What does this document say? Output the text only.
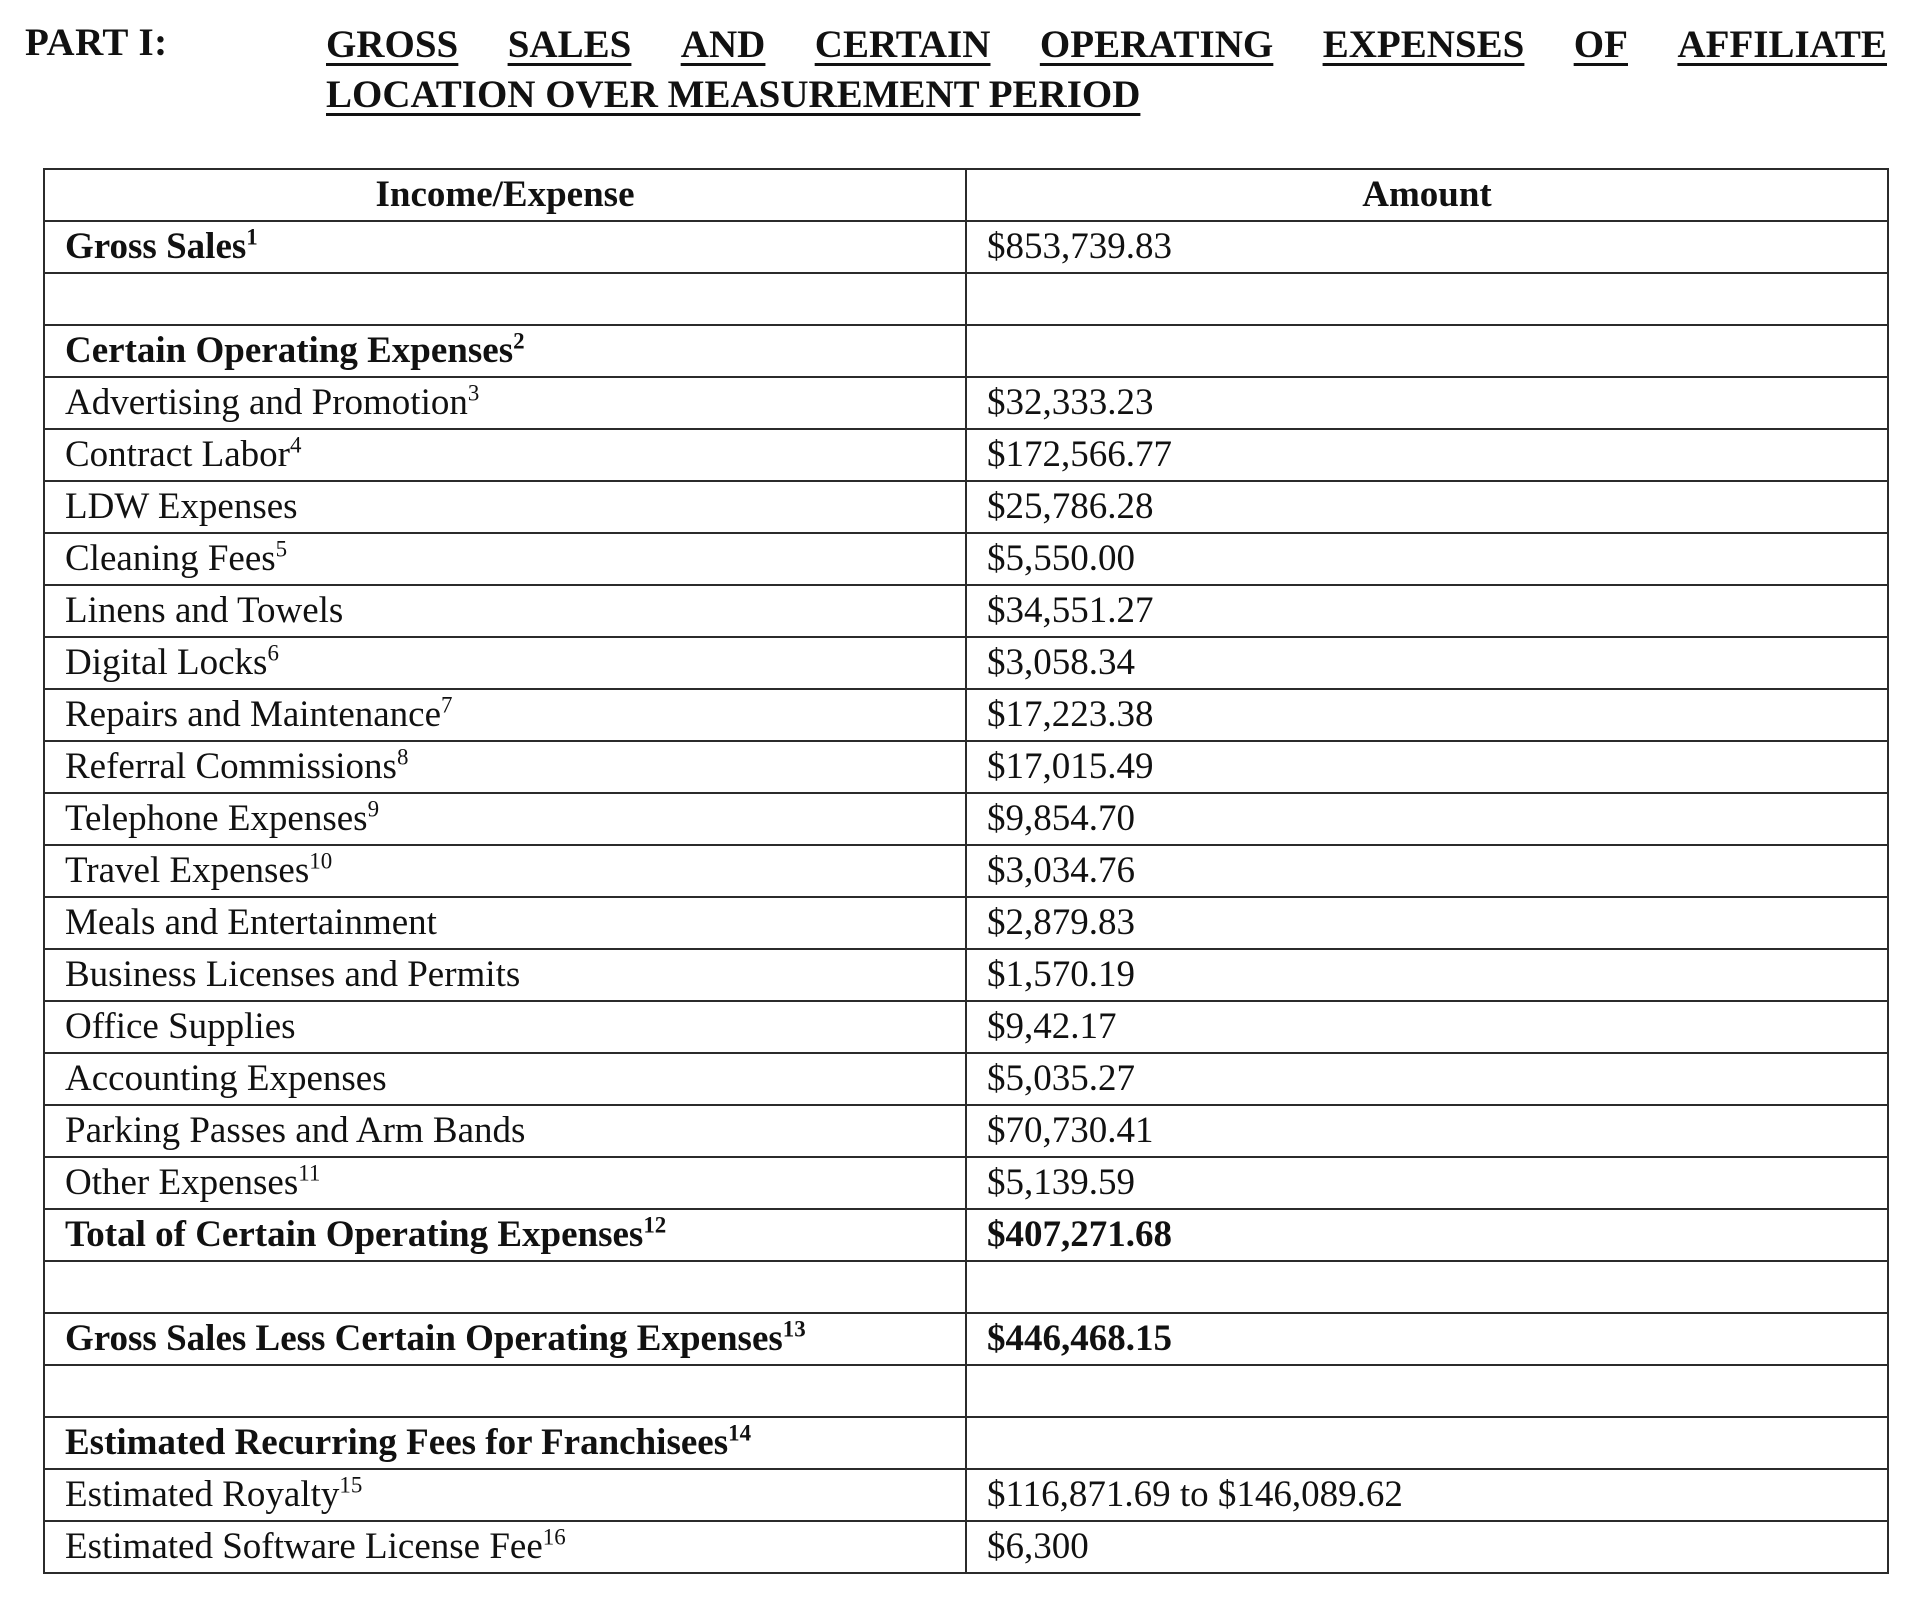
PART I:	GROSS SALES AND CERTAIN OPERATING EXPENSES OF AFFILIATE
LOCATION OVER MEASUREMENT PERIOD
Income/Expense	Amount
Gross Sales$^1$	$853,739.83

Certain Operating Expenses$^2$	
Advertising and Promotion$^3$	$32,333.23
Contract Labor$^4$	$172,566.77
LDW Expenses	$25,786.28
Cleaning Fees$^5$	$5,550.00
Linens and Towels	$34,551.27
Digital Locks$^6$	$3,058.34
Repairs and Maintenance$^7$	$17,223.38
Referral Commissions$^8$	$17,015.49
Telephone Expenses$^9$	$9,854.70
Travel Expenses$^{10}$	$3,034.76
Meals and Entertainment	$2,879.83
Business Licenses and Permits	$1,570.19
Office Supplies	$9,42.17
Accounting Expenses	$5,035.27
Parking Passes and Arm Bands	$70,730.41
Other Expenses$^{11}$	$5,139.59
Total of Certain Operating Expenses$^{12}$	$407,271.68

Gross Sales Less Certain Operating Expenses$^{13}$	$446,468.15

Estimated Recurring Fees for Franchisees$^{14}$	
Estimated Royalty$^{15}$	$116,871.69 to $146,089.62
Estimated Software License Fee$^{16}$	$6,300
